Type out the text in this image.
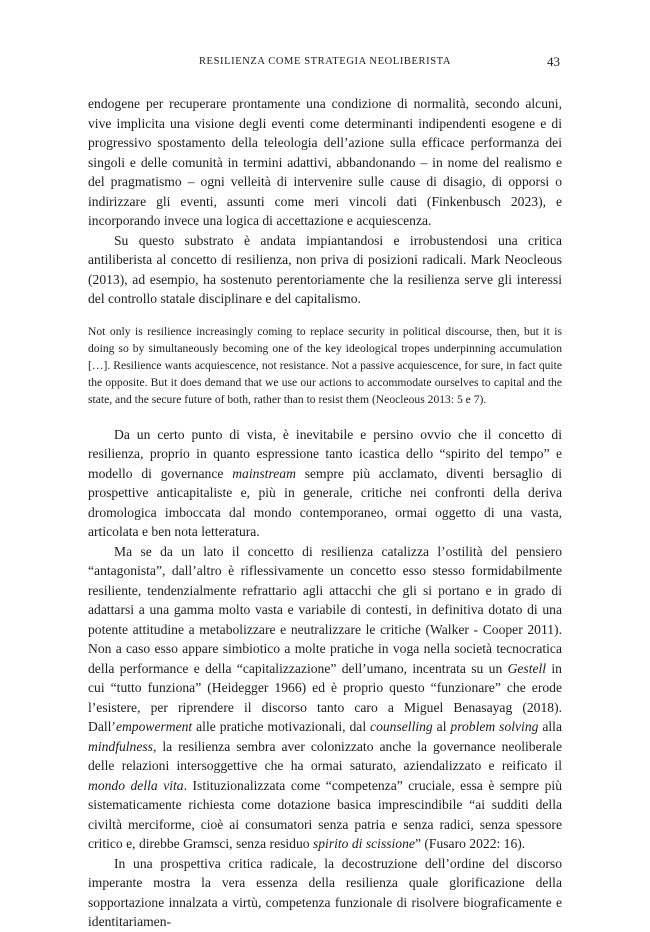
RESILIENZA COME STRATEGIA NEOLIBERISTA	43

endogene per recuperare prontamente una condizione di normalità, secondo alcuni, vive implicita una visione degli eventi come determinanti indipendenti esogene e di progressivo spostamento della teleologia dell’azione sulla efficace performanza dei singoli e delle comunità in termini adattivi, abbandonando – in nome del realismo e del pragmatismo – ogni velleità di intervenire sulle cause di disagio, di opporsi o indirizzare gli eventi, assunti come meri vincoli dati (Finkenbusch 2023), e incorporando invece una logica di accettazione e acquiescenza.

Su questo substrato è andata impiantandosi e irrobustendosi una critica antiliberista al concetto di resilienza, non priva di posizioni radicali. Mark Neocleous (2013), ad esempio, ha sostenuto perentoriamente che la resilienza serve gli interessi del controllo statale disciplinare e del capitalismo.

Not only is resilience increasingly coming to replace security in political discourse, then, but it is doing so by simultaneously becoming one of the key ideological tropes underpinning accumulation […]. Resilience wants acquiescence, not resistance. Not a passive acquiescence, for sure, in fact quite the opposite. But it does demand that we use our actions to accommodate ourselves to capital and the state, and the secure future of both, rather than to resist them (Neocleous 2013: 5 e 7).

Da un certo punto di vista, è inevitabile e persino ovvio che il concetto di resilienza, proprio in quanto espressione tanto icastica dello “spirito del tempo” e modello di governance mainstream sempre più acclamato, diventi bersaglio di prospettive anticapitaliste e, più in generale, critiche nei confronti della deriva dromologica imboccata dal mondo contemporaneo, ormai oggetto di una vasta, articolata e ben nota letteratura.

Ma se da un lato il concetto di resilienza catalizza l’ostilità del pensiero “antagonista”, dall’altro è riflessivamente un concetto esso stesso formidabilmente resiliente, tendenzialmente refrattario agli attacchi che gli si portano e in grado di adattarsi a una gamma molto vasta e variabile di contesti, in definitiva dotato di una potente attitudine a metabolizzare e neutralizzare le critiche (Walker - Cooper 2011). Non a caso esso appare simbiotico a molte pratiche in voga nella società tecnocratica della performance e della “capitalizzazione” dell’umano, incentrata su un Gestell in cui “tutto funziona” (Heidegger 1966) ed è proprio questo “funzionare” che erode l’esistere, per riprendere il discorso tanto caro a Miguel Benasayag (2018). Dall’empowerment alle pratiche motivazionali, dal counselling al problem solving alla mindfulness, la resilienza sembra aver colonizzato anche la governance neoliberale delle relazioni intersoggettive che ha ormai saturato, aziendalizzato e reificato il mondo della vita. Istituzionalizzata come “competenza” cruciale, essa è sempre più sistematicamente richiesta come dotazione basica imprescindibile “ai sudditi della civiltà merciforme, cioè ai consumatori senza patria e senza radici, senza spessore critico e, direbbe Gramsci, senza residuo spirito di scissione” (Fusaro 2022: 16).

In una prospettiva critica radicale, la decostruzione dell’ordine del discorso imperante mostra la vera essenza della resilienza quale glorificazione della sopportazione innalzata a virtù, competenza funzionale di risolvere biograficamente e identitariamen-
